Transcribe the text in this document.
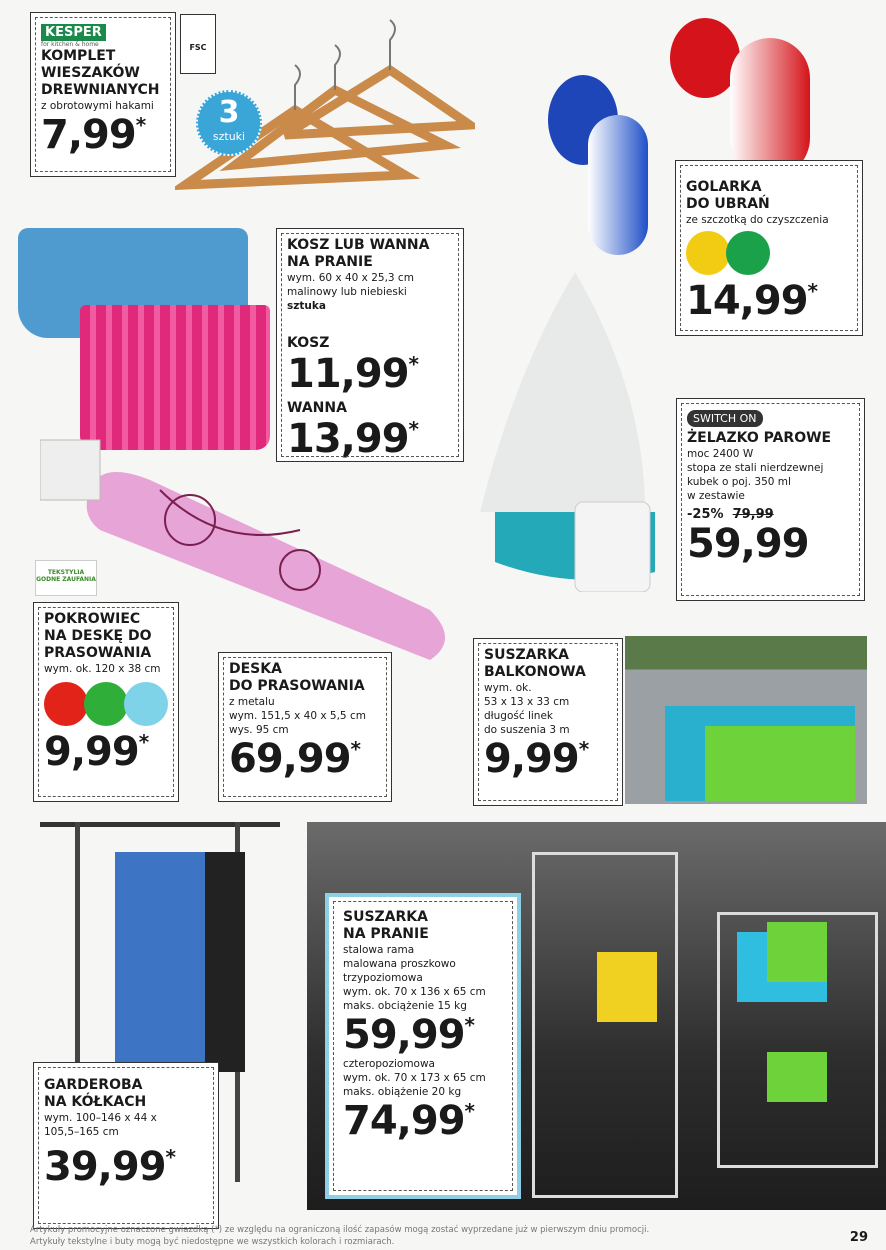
3
sztuki
KESPER
for kitchen & home
KOMPLET
WIESZAKÓW
DREWNIANYCH
z obrotowymi hakami
7,99*
FSC
KOSZ LUB WANNA
NA PRANIE
wym. 60 x 40 x 25,3 cm
malinowy lub niebieski
sztuka
KOSZ
11,99*
WANNA
13,99*
GOLARKA
DO UBRAŃ
ze szczotką do czyszczenia
14,99*
SWITCH ON
ŻELAZKO PAROWE
moc 2400 W
stopa ze stali nierdzewnej
kubek o poj. 350 ml
w zestawie
-25% 79,99
59,99
TEKSTYLIA GODNE ZAUFANIA
POKROWIEC
NA DESKĘ DO
PRASOWANIA
wym. ok. 120 x 38 cm
9,99*
DESKA
DO PRASOWANIA
z metalu
wym. 151,5 x 40 x 5,5 cm
wys. 95 cm
69,99*
SUSZARKA
BALKONOWA
wym. ok.
53 x 13 x 33 cm
długość linek
do suszenia 3 m
9,99*
GARDEROBA
NA KÓŁKACH
wym. 100–146 x 44 x
105,5–165 cm
39,99*
SUSZARKA
NA PRANIE
stalowa rama
malowana proszkowo
trzypoziomowa
wym. ok. 70 x 136 x 65 cm
maks. obciążenie 15 kg
59,99*
czteropoziomowa
wym. ok. 70 x 173 x 65 cm
maks. obiążenie 20 kg
74,99*
Artykuły promocyjne oznaczone gwiazdką (*) ze względu na ograniczoną ilość zapasów mogą zostać wyprzedane już w pierwszym dniu promocji.
Artykuły tekstylne i buty mogą być niedostępne we wszystkich kolorach i rozmiarach.	29
